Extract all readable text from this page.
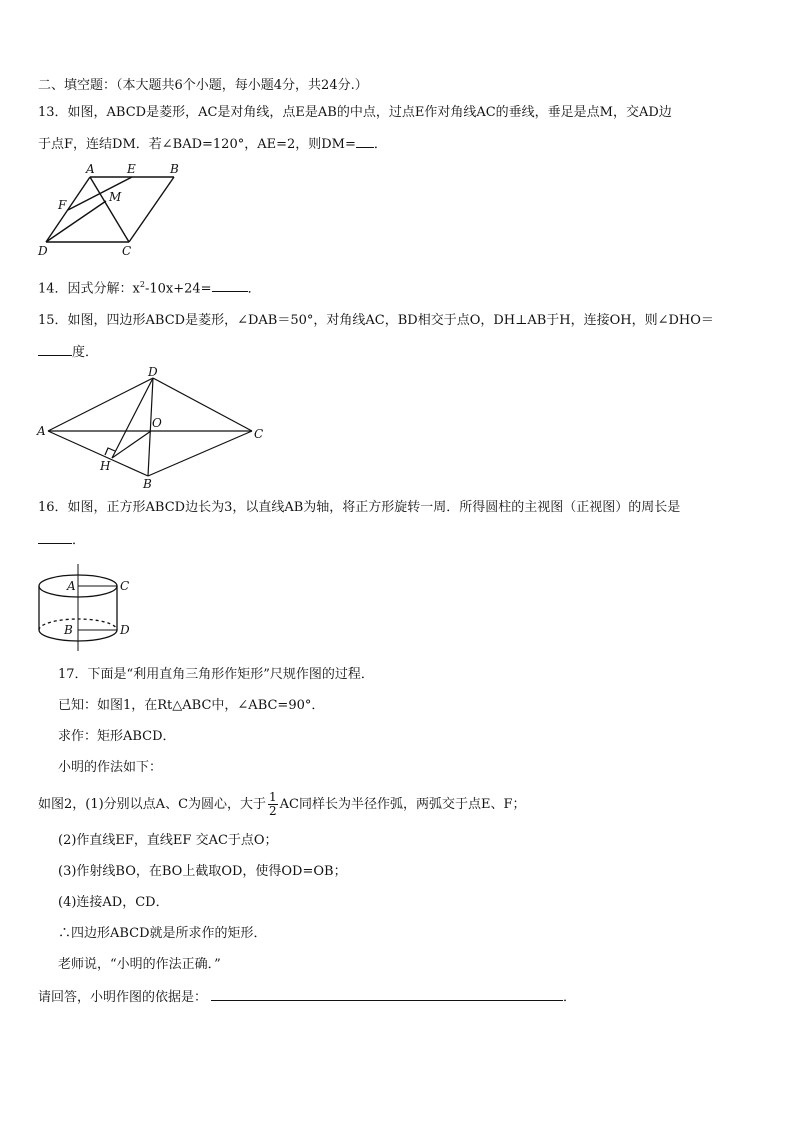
二、填空题：（本大题共6个小题，每小题4分，共24分.）
13．如图，ABCD是菱形，AC是对角线，点E是AB的中点，过点E作对角线AC的垂线，垂足是点M，交AD边
于点F，连结DM．若∠BAD=120°，AE=2，则DM= ．
A	E	B
F
M
D	C
14．因式分解：$x^2-10x+24=$	．
15．如图，四边形ABCD是菱形，∠DAB＝50°，对角线AC，BD相交于点O，DH⊥AB于H，连接OH，则∠DHO＝
度．
A
D
C
B
O
H
16．如图，正方形ABCD边长为3，以直线AB为轴，将正方形旋转一周．所得圆柱的主视图（正视图）的周长是
．
A	C
B	D
17．下面是“利用直角三角形作矩形”尺规作图的过程．
已知：如图1，在Rt△ABC中，∠ABC=90°．
求作：矩形ABCD．
小明的作法如下：
如图2，(1)分别以点A、C为圆心，大于 $\frac{1}{2}$ AC同样长为半径作弧，两弧交于点E、F；
(2)作直线EF，直线EF 交AC于点O；
(3)作射线BO，在BO上截取OD，使得OD=OB；
(4)连接AD，CD．
∴四边形ABCD就是所求作的矩形．
老师说，“小明的作法正确．”
请回答，小明作图的依据是：	．
